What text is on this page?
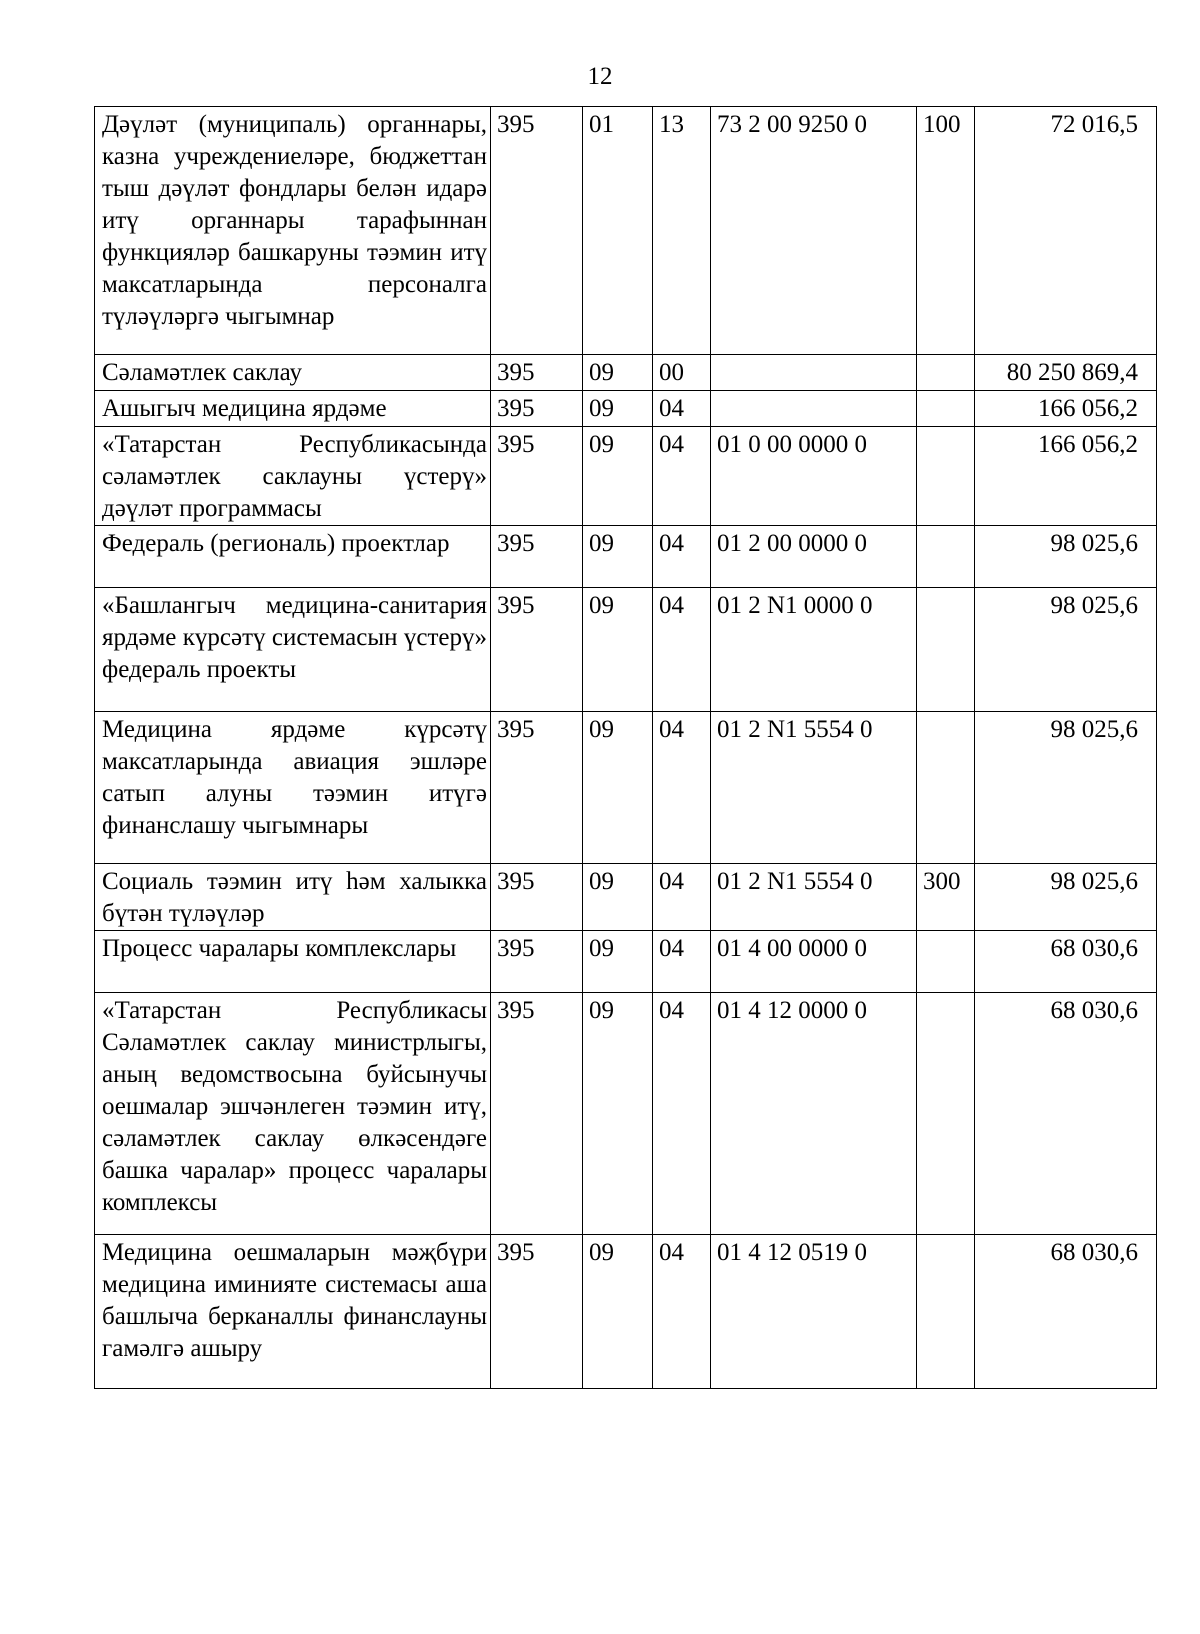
12
Дәүләт (муниципаль) органнары, казна учреждениеләре, бюджеттан тыш дәүләт фондлары белән идарә итү органнары тарафыннан функцияләр башкаруны тәэмин итү максатларында персоналга түләүләргә чыгымнар	395	01	13	73 2 00 9250 0	100	72 016,5
Сәламәтлек саклау	395	09	00			80 250 869,4
Ашыгыч медицина ярдәме	395	09	04			166 056,2
«Татарстан Республикасында сәламәтлек саклауны үстерү» дәүләт программасы	395	09	04	01 0 00 0000 0		166 056,2
Федераль (региональ) проектлар	395	09	04	01 2 00 0000 0		98 025,6
«Башлангыч медицина-санитария ярдәме күрсәтү системасын үстерү» федераль проекты	395	09	04	01 2 N1 0000 0		98 025,6
Медицина ярдәме күрсәтү максатларында авиация эшләре сатып алуны тәэмин итүгә финанслашу чыгымнары	395	09	04	01 2 N1 5554 0		98 025,6
Социаль тәэмин итү һәм халыкка бүтән түләүләр	395	09	04	01 2 N1 5554 0	300	98 025,6
Процесс чаралары комплекслары	395	09	04	01 4 00 0000 0		68 030,6
«Татарстан Республикасы Сәламәтлек саклау министрлыгы, аның ведомствосына буйсынучы оешмалар эшчәнлеген тәэмин итү, сәламәтлек саклау өлкәсендәге башка чаралар» процесс чаралары комплексы	395	09	04	01 4 12 0000 0		68 030,6
Медицина оешмаларын мәҗбүри медицина иминияте системасы аша башлыча берканаллы финанслауны гамәлгә ашыру	395	09	04	01 4 12 0519 0		68 030,6
